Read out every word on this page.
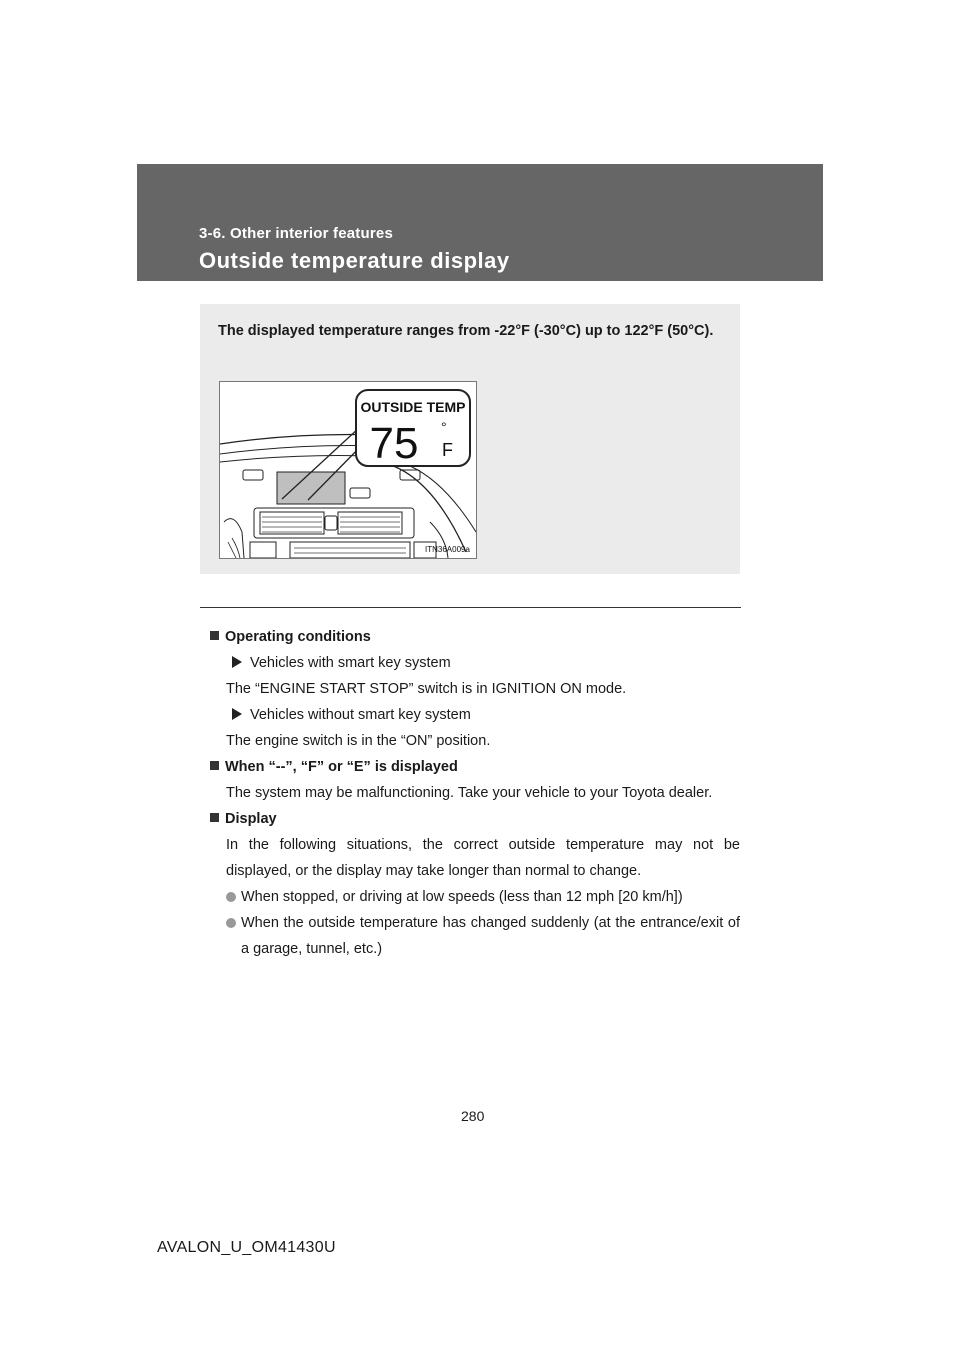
3-6. Other interior features
Outside temperature display
The displayed temperature ranges from -22°F (-30°C) up to 122°F (50°C).
OUTSIDE TEMP
75 °
F
ITN36A009a
Operating conditions
Vehicles with smart key system
The “ENGINE START STOP” switch is in IGNITION ON mode.
Vehicles without smart key system
The engine switch is in the “ON” position.
When “--”, “F” or “E” is displayed
The system may be malfunctioning. Take your vehicle to your Toyota dealer.
Display
In the following situations, the correct outside temperature may not be displayed, or the display may take longer than normal to change.
When stopped, or driving at low speeds (less than 12 mph [20 km/h])
When the outside temperature has changed suddenly (at the entrance/exit of a garage, tunnel, etc.)
280
AVALON_U_OM41430U
